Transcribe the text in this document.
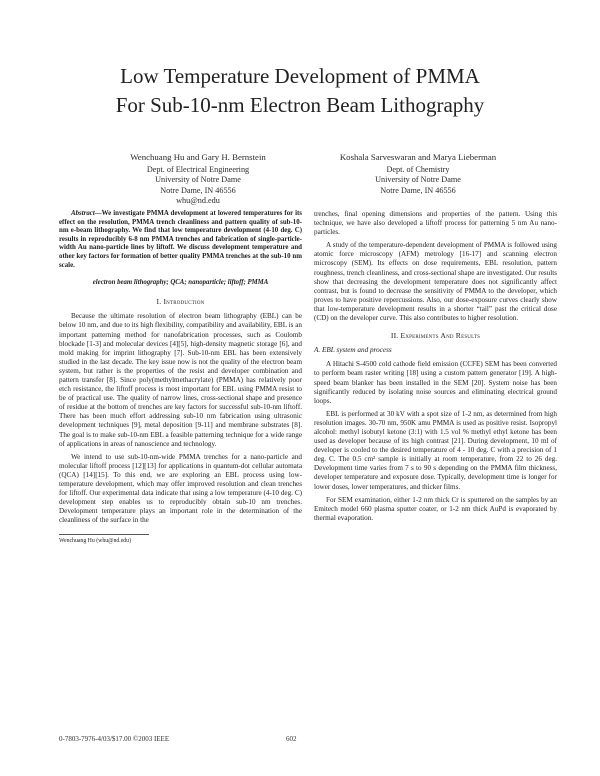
Low Temperature Development of PMMA
For Sub-10-nm Electron Beam Lithography
Wenchuang Hu and Gary H. Bernstein
Dept. of Electrical Engineering
University of Notre Dame
Notre Dame, IN 46556
whu@nd.edu
Koshala Sarveswaran and Marya Lieberman
Dept. of Chemistry
University of Notre Dame
Notre Dame, IN 46556

Abstract—We investigate PMMA development at lowered temperatures for its effect on the resolution, PMMA trench cleanliness and pattern quality of sub-10-nm e-beam lithography. We find that low temperature development (4-10 deg. C) results in reproducibly 6-8 nm PMMA trenches and fabrication of single-particle-width Au nano-particle lines by liftoff. We discuss development temperature and other key factors for formation of better quality PMMA trenches at the sub-10 nm scale.

electron beam lithography; QCA; nanoparticle; liftoff; PMMA
I. Introduction

Because the ultimate resolution of electron beam lithography (EBL) can be below 10 nm, and due to its high flexibility, compatibility and availability, EBL is an important patterning method for nanofabrication processes, such as Coulomb blockade [1-3] and molecular devices [4][5], high-density magnetic storage [6], and mold making for imprint lithography [7]. Sub-10-nm EBL has been extensively studied in the last decade. The key issue now is not the quality of the electron beam system, but rather is the properties of the resist and developer combination and pattern transfer [8]. Since poly(methylmethacrylate) (PMMA) has relatively poor etch resistance, the liftoff process is most important for EBL using PMMA resist to be of practical use. The quality of narrow lines, cross-sectional shape and presence of residue at the bottom of trenches are key factors for successful sub-10-nm liftoff. There has been much effort addressing sub-10 nm fabrication using ultrasonic development techniques [9], metal deposition [9-11] and membrane substrates [8]. The goal is to make sub-10-nm EBL a feasible patterning technique for a wide range of applications in areas of nanoscience and technology.

We intend to use sub-10-nm-wide PMMA trenches for a nano-particle and molecular liftoff process [12][13] for applications in quantum-dot cellular automata (QCA) [14][15]. To this end, we are exploring an EBL process using low-temperature development, which may offer improved resolution and clean trenches for liftoff. Our experimental data indicate that using a low temperature (4-10 deg. C) development step enables us to reproducibly obtain sub-10 nm trenches. Development temperature plays an important role in the determination of the cleanliness of the surface in the

Wenchuang Hu (whu@nd.edu)

trenches, final opening dimensions and properties of the pattern. Using this technique, we have also developed a liftoff process for patterning 5 nm Au nano-particles.

A study of the temperature-dependent development of PMMA is followed using atomic force microscopy (AFM) metrology [16-17] and scanning electron microscopy (SEM). Its effects on dose requirements, EBL resolution, pattern roughness, trench cleanliness, and cross-sectional shape are investigated. Our results show that decreasing the development temperature does not significantly affect contrast, but is found to decrease the sensitivity of PMMA to the developer, which proves to have positive repercussions. Also, our dose-exposure curves clearly show that low-temperature development results in a shorter “tail” past the critical dose (CD) on the developer curve. This also contributes to higher resolution.

II. Experiments And Results
A. EBL system and process

A Hitachi S-4500 cold cathode field emission (CCFE) SEM has been converted to perform beam raster writing [18] using a custom pattern generator [19]. A high-speed beam blanker has been installed in the SEM [20]. System noise has been significantly reduced by isolating noise sources and eliminating electrical ground loops.

EBL is performed at 30 kV with a spot size of 1-2 nm, as determined from high resolution images. 30-70 nm, 950K amu PMMA is used as positive resist. Isopropyl alcohol: methyl isobutyl ketone (3:1) with 1.5 vol % methyl ethyl ketone has been used as developer because of its high contrast [21]. During development, 10 ml of developer is cooled to the desired temperature of 4 - 10 deg. C with a precision of 1 deg. C. The 0.5 cm² sample is initially at room temperature, from 22 to 26 deg. Development time varies from 7 s to 90 s depending on the PMMA film thickness, developer temperature and exposure dose. Typically, development time is longer for lower doses, lower temperatures, and thicker films.

For SEM examination, either 1-2 nm thick Cr is sputtered on the samples by an Emitech model 660 plasma sputter coater, or 1-2 nm thick AuPd is evaporated by thermal evaporation.

0-7803-7976-4/03/$17.00 ©2003 IEEE	602
